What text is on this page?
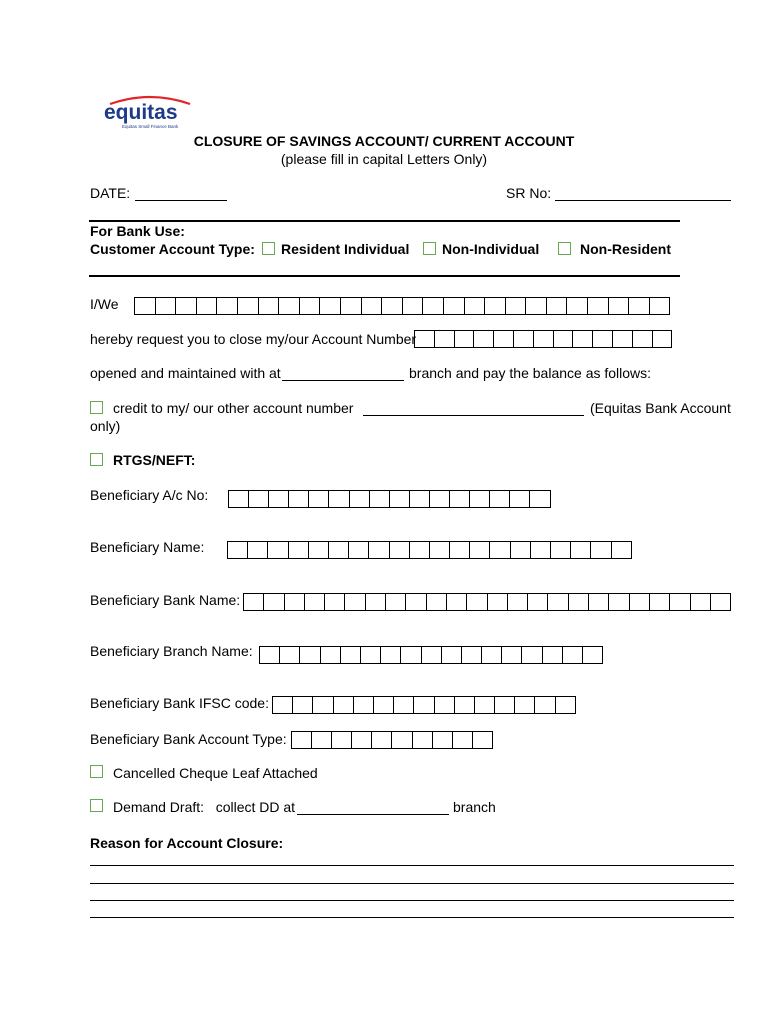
equitas
Equitas Small Finance Bank
CLOSURE OF SAVINGS ACCOUNT/ CURRENT ACCOUNT
(please fill in capital Letters Only)
DATE:	SR No:
For Bank Use:
Customer Account Type: Resident Individual Non-Individual	Non-Resident
I/We
hereby request you to close my/our Account Number
opened and maintained with at	branch and pay the balance as follows:
credit to my/ our other account number	(Equitas Bank Account
only)
RTGS/NEFT:
Beneficiary A/c No:
Beneficiary Name:
Beneficiary Bank Name:
Beneficiary Branch Name:
Beneficiary Bank IFSC code:
Beneficiary Bank Account Type:
Cancelled Cheque Leaf Attached
Demand Draft:   collect DD at	branch
Reason for Account Closure:
